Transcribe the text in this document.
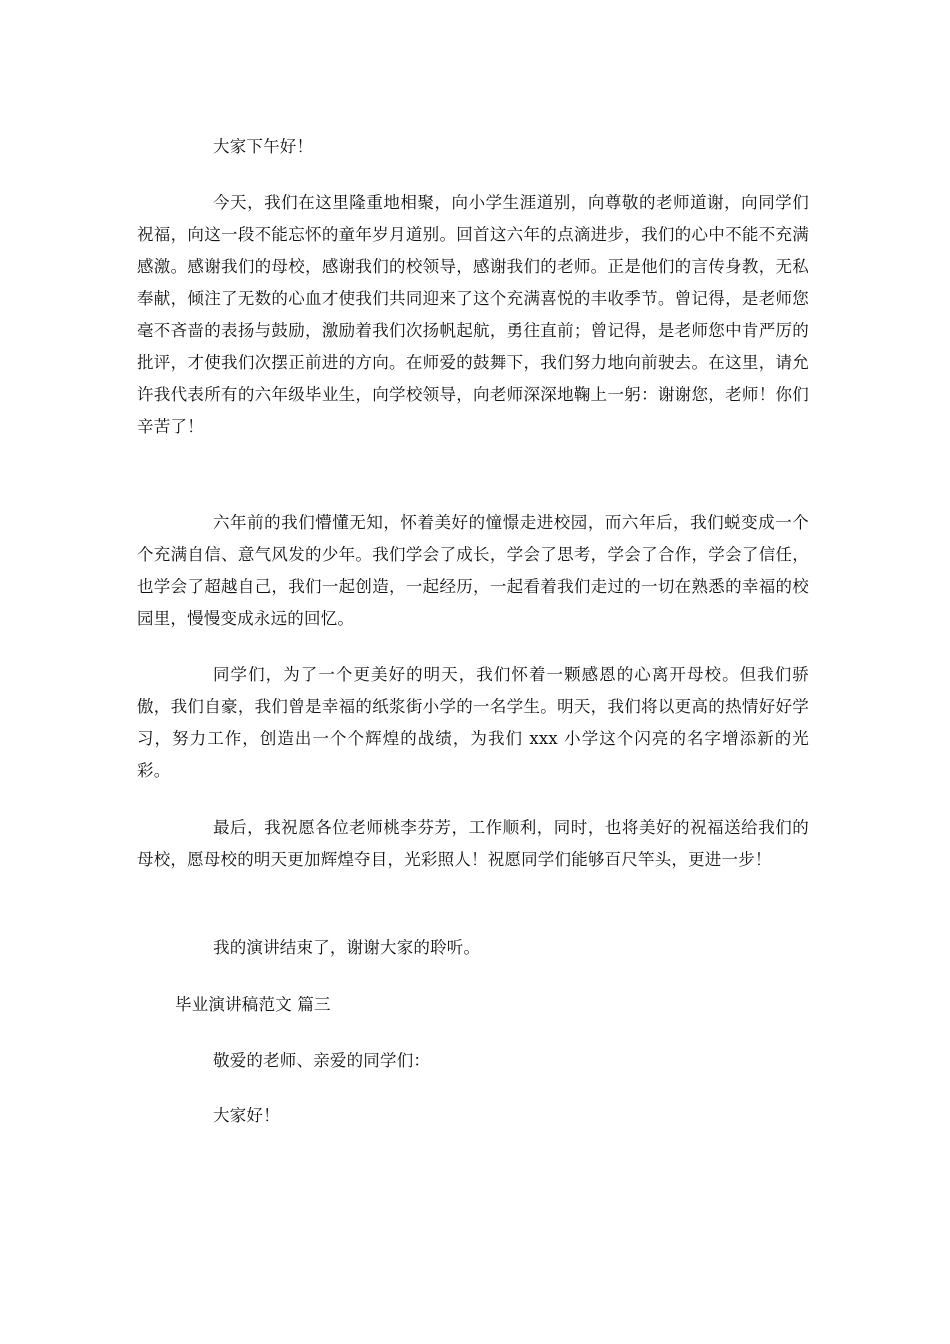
大家下午好！

今天，我们在这里隆重地相聚，向小学生涯道别，向尊敬的老师道谢，向同学们祝福，向这一段不能忘怀的童年岁月道别。回首这六年的点滴进步，我们的心中不能不充满感激。感谢我们的母校，感谢我们的校领导，感谢我们的老师。正是他们的言传身教，无私奉献，倾注了无数的心血才使我们共同迎来了这个充满喜悦的丰收季节。曾记得，是老师您毫不吝啬的表扬与鼓励，激励着我们次扬帆起航，勇往直前；曾记得，是老师您中肯严厉的批评，才使我们次摆正前进的方向。在师爱的鼓舞下，我们努力地向前驶去。在这里，请允许我代表所有的六年级毕业生，向学校领导，向老师深深地鞠上一躬：谢谢您，老师！你们辛苦了！

六年前的我们懵懂无知，怀着美好的憧憬走进校园，而六年后，我们蜕变成一个个充满自信、意气风发的少年。我们学会了成长，学会了思考，学会了合作，学会了信任，也学会了超越自己，我们一起创造，一起经历，一起看着我们走过的一切在熟悉的幸福的校园里，慢慢变成永远的回忆。

同学们，为了一个更美好的明天，我们怀着一颗感恩的心离开母校。但我们骄傲，我们自豪，我们曾是幸福的纸浆街小学的一名学生。明天，我们将以更高的热情好好学习，努力工作，创造出一个个辉煌的战绩，为我们 xxx 小学这个闪亮的名字增添新的光彩。

最后，我祝愿各位老师桃李芬芳，工作顺利，同时，也将美好的祝福送给我们的母校，愿母校的明天更加辉煌夺目，光彩照人！祝愿同学们能够百尺竿头，更进一步！

我的演讲结束了，谢谢大家的聆听。

毕业演讲稿范文 篇三

敬爱的老师、亲爱的同学们：

大家好！
